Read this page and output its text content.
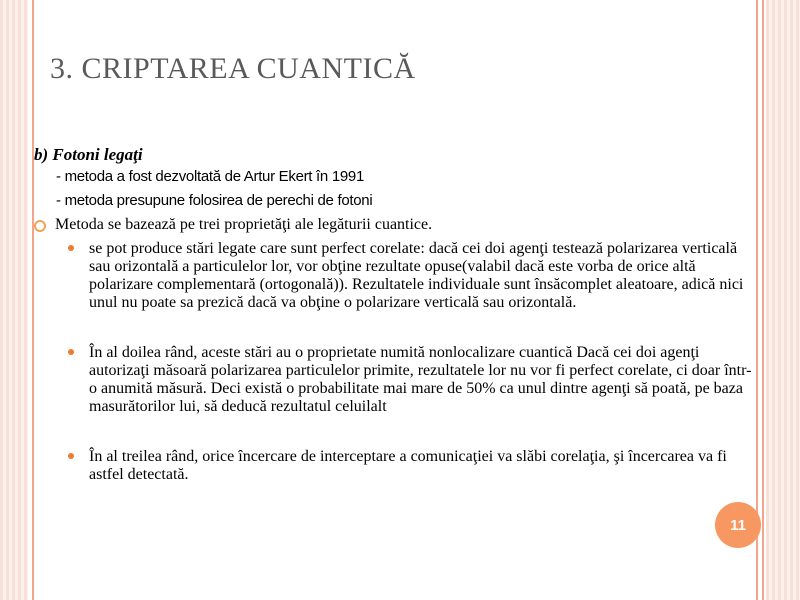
3. CRIPTAREA CUANTICĂ
b) Fotoni legaţi
- metoda a fost dezvoltată de Artur Ekert în 1991
- metoda presupune folosirea de perechi de fotoni
Metoda se bazează pe trei proprietăţi ale legăturii cuantice.
se pot produce stări legate care sunt perfect corelate: dacă cei doi agenţi testează polarizarea verticală sau orizontală a particulelor lor, vor obţine rezultate opuse(valabil dacă este vorba de orice altă polarizare complementară (ortogonală)). Rezultatele individuale sunt însăcomplet aleatoare, adică nici unul nu poate sa prezică dacă va obţine o polarizare verticală sau orizontală.
În al doilea rând, aceste stări au o proprietate numită nonlocalizare cuantică Dacă cei doi agenţi autorizaţi măsoară polarizarea particulelor primite, rezultatele lor nu vor fi perfect corelate, ci doar într-o anumită măsură. Deci există o probabilitate mai mare de 50% ca unul dintre agenţi să poată, pe baza masurătorilor lui, să deducă rezultatul celuilalt
În al treilea rând, orice încercare de interceptare a comunicaţiei va slăbi corelaţia, şi încercarea va fi astfel detectată.
11
